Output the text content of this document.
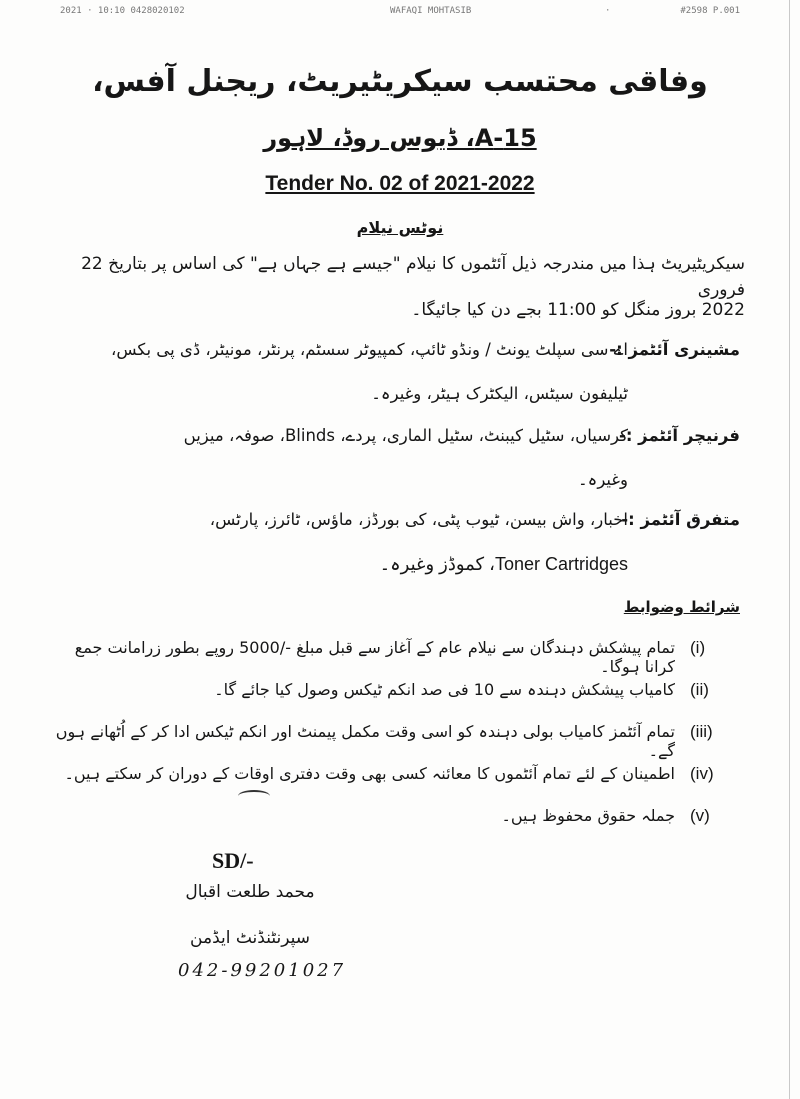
2021 · 10:10 0428020102	WAFAQI MOHTASIB	·	#2598 P.001
وفاقی محتسب سیکریٹیریٹ، ریجنل آفس،
15-A، ڈیوس روڈ، لاہور
Tender No. 02 of 2021-2022
نوٹس نیلام
سیکریٹیریٹ ہذا میں مندرجہ ذیل آئٹموں کا نیلام "جیسے ہے جہاں ہے" کی اساس پر بتاریخ 22 فروری
2022 بروز منگل کو 11:00 بجے دن کیا جائیگا۔
مشینری آئٹمز :-
اے سی سپلٹ یونٹ / ونڈو ٹائپ، کمپیوٹر سسٹم، پرنٹر، مونیٹر، ڈی پی بکس،
ٹیلیفون سیٹس، الیکٹرک ہیٹر، وغیرہ۔
فرنیچر آئٹمز :-
کرسیاں، سٹیل کیبنٹ، سٹیل الماری، پردے، Blinds، صوفہ، میزیں
وغیرہ۔
متفرق آئٹمز :-
اخبار، واش بیسن، ٹیوب پٹی، کی بورڈز، ماؤس، ٹائرز، پارٹس،
Toner Cartridges، کموڈز وغیرہ۔
شرائط وضوابط
(i)
تمام پیشکش دہندگان سے نیلام عام کے آغاز سے قبل مبلغ -/5000 روپے بطور زرامانت جمع کرانا ہوگا۔
(ii)
کامیاب پیشکش دہندہ سے 10 فی صد انکم ٹیکس وصول کیا جائے گا۔
(iii)
تمام آئٹمز کامیاب بولی دہندہ کو اسی وقت مکمل پیمنٹ اور انکم ٹیکس ادا کر کے اُٹھانے ہوں گے۔
(iv)
اطمینان کے لئے تمام آئٹموں کا معائنہ کسی بھی وقت دفتری اوقات کے دوران کر سکتے ہیں۔
(v)
جملہ حقوق محفوظ ہیں۔
SD/-
محمد طلعت اقبال
سپرنٹنڈنٹ ایڈمن
042-99201027
